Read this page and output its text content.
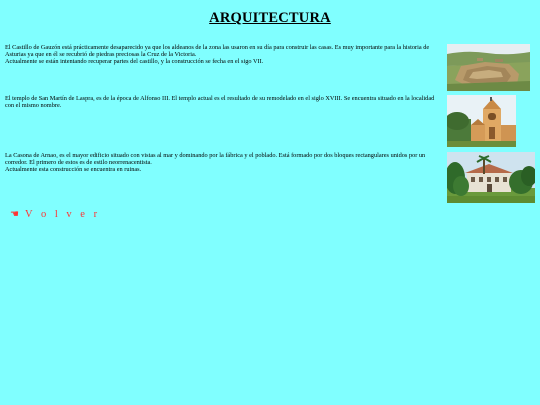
ARQUITECTURA
El Castillo de Gauzón está prácticamente desaparecido ya que los aldeanos de la zona las usaron en su día para construir las casas. Es muy importante para la historia de Asturias ya que en él se recubrió de piedras preciosas la Cruz de la Victoria.
Actualmente se están intentando recuperar partes del castillo, y la construcción se fecha en el sigo VII.
El templo de San Martín de Laspra, es de la época de Alfonso III. El templo actual es el resultado de su remodelado en el siglo XVIII. Se encuentra situado en la localidad con el mismo nombre.
La Casona de Arnao, es el mayor edificio situado con vistas al mar y dominando por la fábrica y el poblado. Está formado por dos bloques rectangulares unidos por un corredor. El primero de estos es de estilo neorrenacentista.
Actualmente esta construcción se encuentra en ruinas.
☚ V o l v e r
